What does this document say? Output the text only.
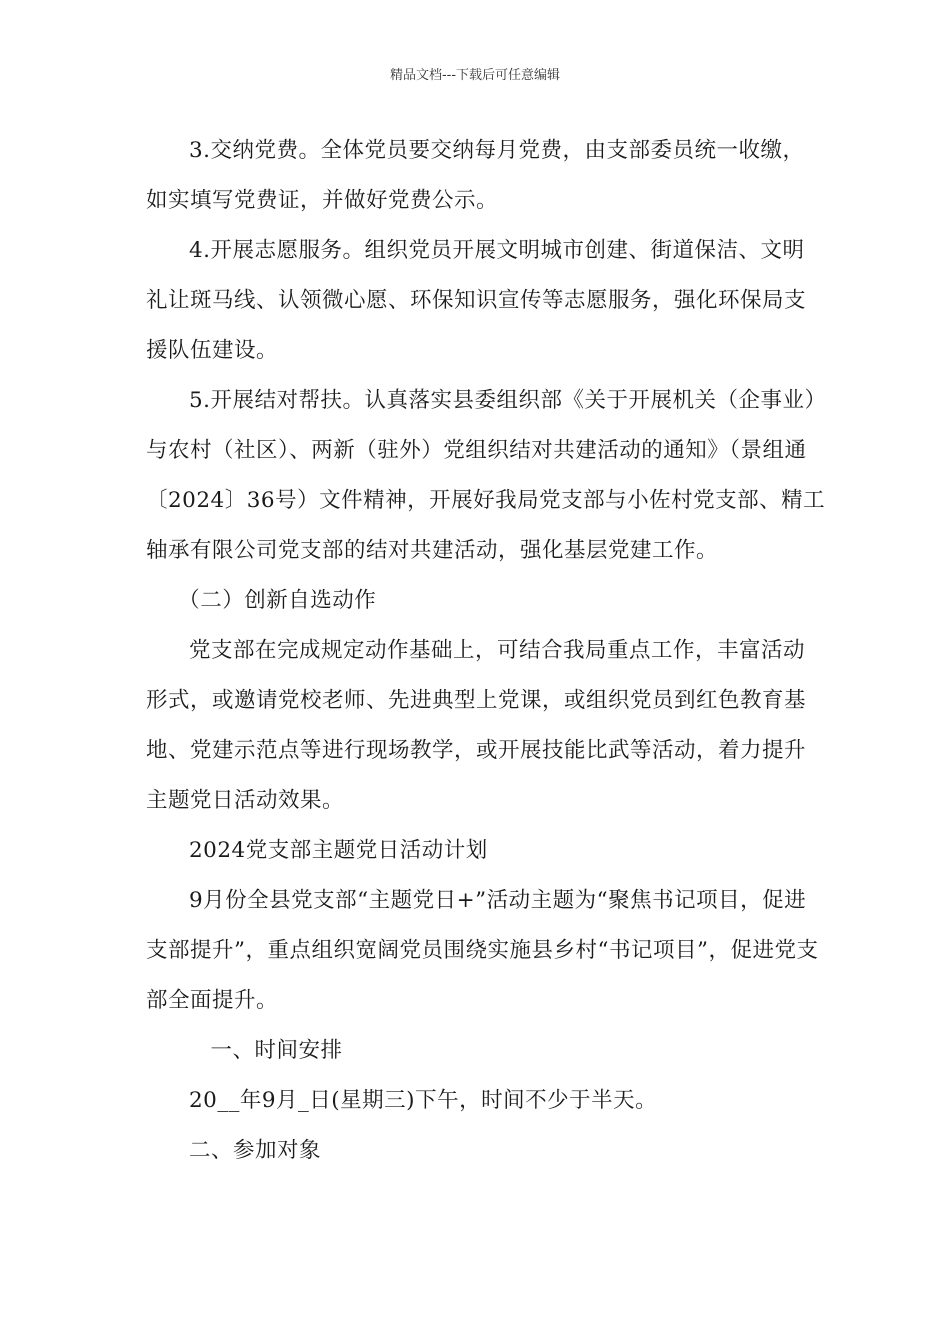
精品文档---下载后可任意编辑

3.交纳党费。全体党员要交纳每月党费，由支部委员统一收缴，如实填写党费证，并做好党费公示。

4.开展志愿服务。组织党员开展文明城市创建、街道保洁、文明礼让斑马线、认领微心愿、环保知识宣传等志愿服务，强化环保局支援队伍建设。

5.开展结对帮扶。认真落实县委组织部《关于开展机关（企事业）与农村（社区）、两新（驻外）党组织结对共建活动的通知》（景组通〔2024〕36号）文件精神，开展好我局党支部与小佐村党支部、精工轴承有限公司党支部的结对共建活动，强化基层党建工作。

（二）创新自选动作

党支部在完成规定动作基础上，可结合我局重点工作，丰富活动形式，或邀请党校老师、先进典型上党课，或组织党员到红色教育基地、党建示范点等进行现场教学，或开展技能比武等活动，着力提升主题党日活动效果。

2024党支部主题党日活动计划

9月份全县党支部“主题党日+”活动主题为“聚焦书记项目，促进支部提升”，重点组织宽阔党员围绕实施县乡村“书记项目”，促进党支部全面提升。

一、时间安排

20__年9月_日(星期三)下午，时间不少于半天。

二、参加对象
